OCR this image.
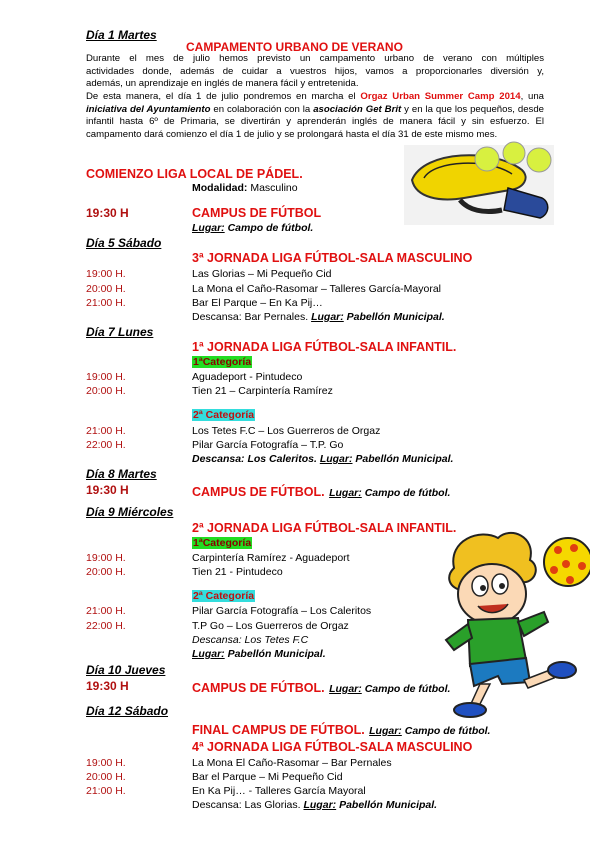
Día 1 Martes
CAMPAMENTO URBANO DE VERANO
Durante el mes de julio hemos previsto un campamento urbano de verano con múltiples
actividades donde, además de cuidar a vuestros hijos, vamos a proporcionarles diversión y,
además, un aprendizaje en inglés de manera fácil y entretenida.
De esta manera, el día 1 de julio pondremos en marcha el Orgaz Urban Summer Camp 2014, una iniciativa del Ayuntamiento en colaboración con la asociación Get Brit y en la que los pequeños, desde infantil hasta 6º de Primaria, se divertirán y aprenderán inglés de manera fácil y sin esfuerzo. El campamento dará comienzo el día 1 de julio y se prolongará hasta el día 31 de este mismo mes.
COMIENZO LIGA LOCAL DE PÁDEL.
Modalidad: Masculino
19:30 H	CAMPUS DE FÚTBOL
Lugar: Campo de fútbol.
Día 5 Sábado
3ª JORNADA LIGA FÚTBOL-SALA MASCULINO
19:00 H.	Las Glorias – Mi Pequeño Cid
20:00 H.	La Mona el Caño-Rasomar – Talleres García-Mayoral
21:00 H.	Bar El Parque – En Ka Pij…
Descansa: Bar Pernales. Lugar: Pabellón Municipal.
Día 7 Lunes
1ª JORNADA LIGA FÚTBOL-SALA INFANTIL.
1ªCategoría
19:00 H.	Aguadeport - Pintudeco
20:00 H.	Tien 21 – Carpintería Ramírez
2ª Categoría
21:00 H.	Los Tetes F.C – Los Guerreros de Orgaz
22:00 H.	Pilar García Fotografía – T.P. Go
Descansa: Los Caleritos. Lugar: Pabellón Municipal.
Día 8 Martes
19:30 H	CAMPUS DE FÚTBOL. Lugar: Campo de fútbol.
Día 9 Miércoles
2ª JORNADA LIGA FÚTBOL-SALA INFANTIL.
1ªCategoría
19:00 H.	Carpintería Ramírez - Aguadeport
20:00 H.	Tien 21 - Pintudeco
2ª Categoría
21:00 H.	Pilar García Fotografía – Los Caleritos
22:00 H.	T.P Go – Los Guerreros de Orgaz
Descansa: Los Tetes F.C
Lugar: Pabellón Municipal.
Día 10 Jueves
19:30 H	CAMPUS DE FÚTBOL. Lugar: Campo de fútbol.
Día 12 Sábado
FINAL CAMPUS DE FÚTBOL. Lugar: Campo de fútbol.
4ª JORNADA LIGA FÚTBOL-SALA MASCULINO
19:00 H.	La Mona El Caño-Rasomar – Bar Pernales
20:00 H.	Bar el Parque – Mi Pequeño Cid
21:00 H.	En Ka Pij… - Talleres García Mayoral
Descansa: Las Glorias. Lugar: Pabellón Municipal.
